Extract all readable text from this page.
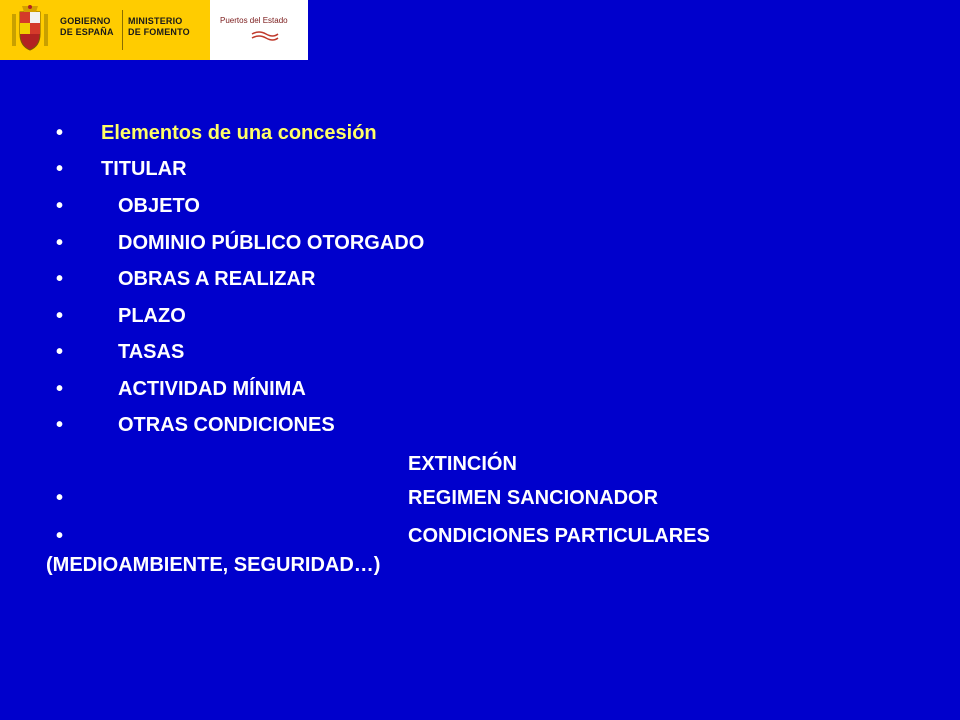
GOBIERNO
DE ESPAÑA
MINISTERIO
DE FOMENTO
Puertos del Estado
• Elementos de una concesión
• TITULAR
•	OBJETO
•	DOMINIO PÚBLICO OTORGADO
•	OBRAS A REALIZAR
•	PLAZO
•	TASAS
•	ACTIVIDAD MÍNIMA
•	OTRAS CONDICIONES
EXTINCIÓN
•	REGIMEN SANCIONADOR
•	CONDICIONES PARTICULARES
(MEDIOAMBIENTE, SEGURIDAD…)
